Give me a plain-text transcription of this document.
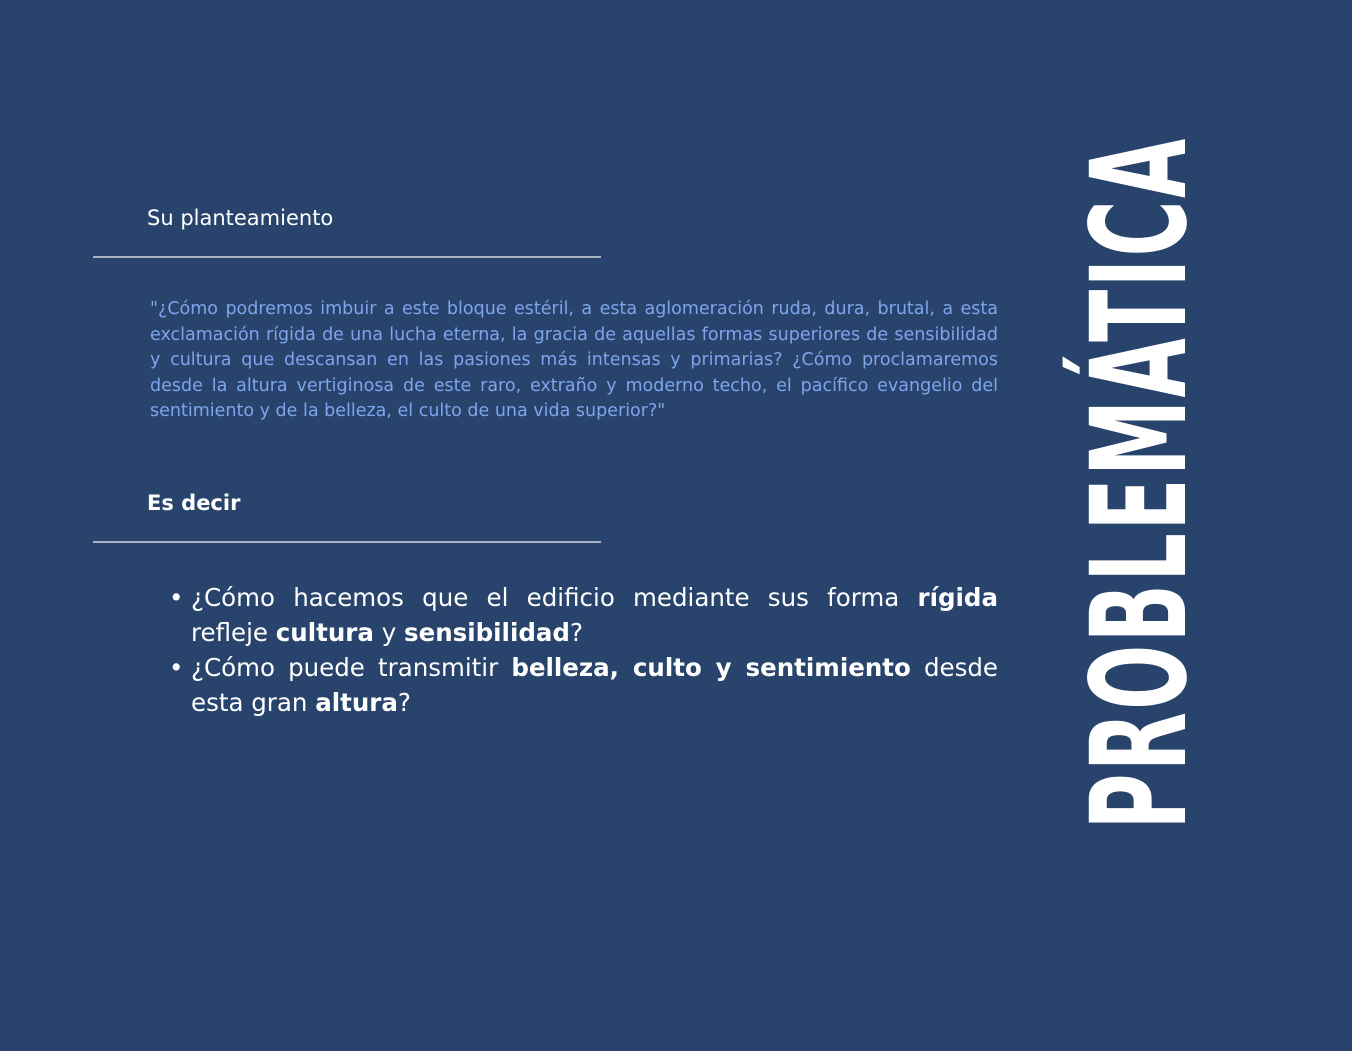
Su planteamiento

"¿Cómo podremos imbuir a este bloque estéril, a esta aglomeración ruda, dura, brutal, a esta exclamación rígida de una lucha eterna, la gracia de aquellas formas superiores de sensibilidad y cultura que descansan en las pasiones más intensas y primarias? ¿Cómo proclamaremos desde la altura vertiginosa de este raro, extraño y moderno techo, el pacífico evangelio del sentimiento y de la belleza, el culto de una vida superior?"

Es decir
• ¿Cómo hacemos que el edificio mediante sus forma rígida refleje cultura y sensibilidad?
• ¿Cómo puede transmitir belleza, culto y sentimiento desde esta gran altura?	PROBLEMÁTICA
